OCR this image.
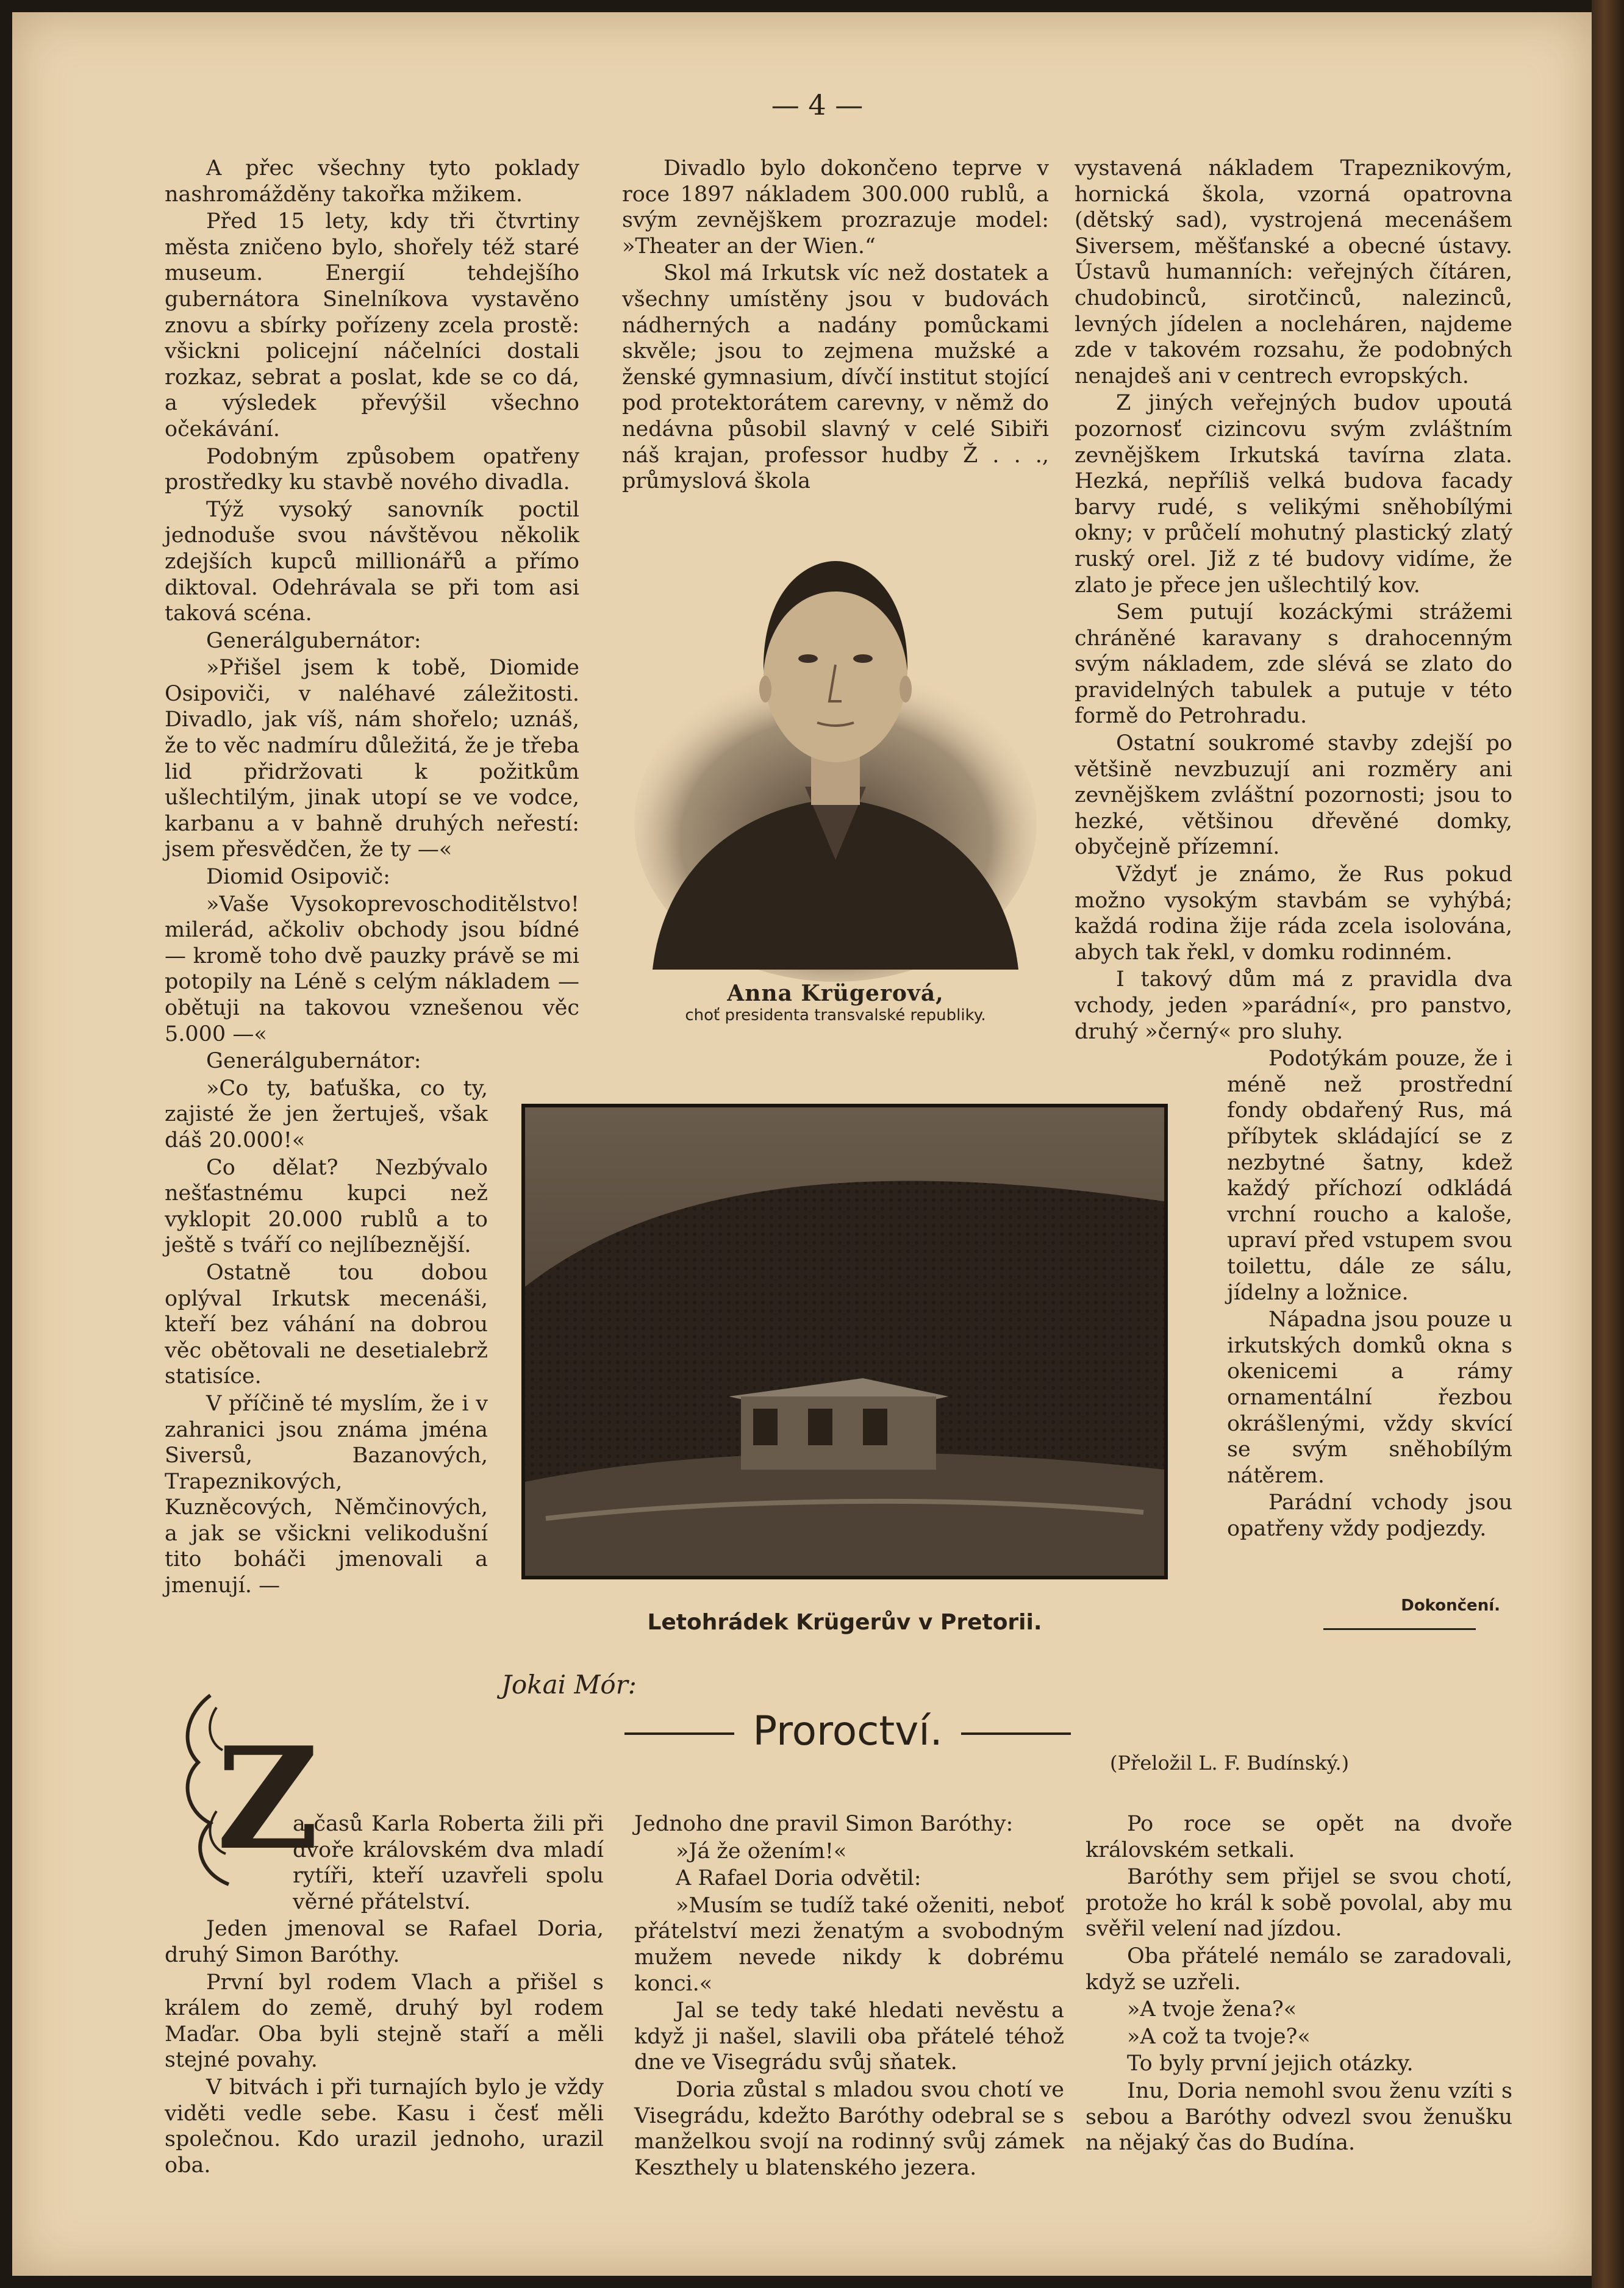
— 4 —

A přec všechny tyto poklady nashromážděny takořka mžikem.

Před 15 lety, kdy tři čtvrtiny města zničeno bylo, shořely též staré museum. Energií tehdejšího gubernátora Sinelníkova vystavěno znovu a sbírky pořízeny zcela prostě: všickni policejní náčelníci dostali rozkaz, sebrat a poslat, kde se co dá, a výsledek převýšil všechno očekávání.

Podobným způsobem opatřeny prostředky ku stavbě nového divadla.

Týž vysoký sanovník poctil jednoduše svou návštěvou několik zdejších kupců millionářů a přímo diktoval. Odehrávala se při tom asi taková scéna.

Generálgubernátor:

»Přišel jsem k tobě, Diomide Osipoviči, v naléhavé záležitosti. Divadlo, jak víš, nám shořelo; uznáš, že to věc nadmíru důležitá, že je třeba lid přidržovati k požitkům ušlechtilým, jinak utopí se ve vodce, karbanu a v bahně druhých neřestí: jsem přesvědčen, že ty —«

Diomid Osipovič:

»Vaše Vysokoprevoschoditělstvo! milerád, ačkoliv obchody jsou bídné — kromě toho dvě pauzky právě se mi potopily na Léně s celým nákladem — obětuji na takovou vznešenou věc 5.000 —«

Generálgubernátor:

»Co ty, baťuška, co ty, zajisté že jen žertuješ, však dáš 20.000!«

Co dělat? Nezbývalo nešťastnému kupci než vyklopit 20.000 rublů a to ještě s tváří co nejlíbeznější.

Ostatně tou dobou oplýval Irkutsk mecenáši, kteří bez váhání na dobrou věc obětovali ne desetialebrž statisíce.

V příčině té myslím, že i v zahranici jsou známa jména Siversů, Bazanových, Trapeznikových, Kuzněcových, Němčinových, a jak se všickni velikodušní tito boháči jmenovali a jmenují. —

Divadlo bylo dokončeno teprve v roce 1897 nákladem 300.000 rublů, a svým zevnějškem prozrazuje model: »Theater an der Wien.“

Skol má Irkutsk víc než dostatek a všechny umístěny jsou v budovách nádherných a nadány pomůckami skvěle; jsou to zejmena mužské a ženské gymnasium, dívčí institut stojící pod protektorátem carevny, v němž do nedávna působil slavný v celé Sibiři náš krajan, professor hudby Ž . . ., průmyslová škola

Anna Krügerová,
choť presidenta transvalské republiky.
Letohrádek Krügerův v Pretorii.

vystavená nákladem Trapeznikovým, hornická škola, vzorná opatrovna (dětský sad), vystrojená mecenášem Siversem, měšťanské a obecné ústavy. Ústavů humanních: veřejných čítáren, chudobinců, sirotčinců, nalezinců, levných jídelen a nocleháren, najdeme zde v takovém rozsahu, že podobných nenajdeš ani v centrech evropských.

Z jiných veřejných budov upoutá pozornosť cizincovu svým zvláštním zevnějškem Irkutská tavírna zlata. Hezká, nepříliš velká budova facady barvy rudé, s velikými sněhobílými okny; v průčelí mohutný plastický zlatý ruský orel. Již z té budovy vidíme, že zlato je přece jen ušlechtilý kov.

Sem putují kozáckými strážemi chráněné karavany s drahocenným svým nákladem, zde slévá se zlato do pravidelných tabulek a putuje v této formě do Petrohradu.

Ostatní soukromé stavby zdejší po většině nevzbuzují ani rozměry ani zevnějškem zvláštní pozornosti; jsou to hezké, většinou dřevěné domky, obyčejně přízemní.

Vždyť je známo, že Rus pokud možno vysokým stavbám se vyhýbá; každá rodina žije ráda zcela isolována, abych tak řekl, v domku rodinném.

I takový dům má z pravidla dva vchody, jeden »parádní«, pro panstvo, druhý »černý« pro sluhy.

Podotýkám pouze, že i méně než prostřední fondy obdařený Rus, má příbytek skládající se z nezbytné šatny, kdež každý příchozí odkládá vrchní roucho a kaloše, upraví před vstupem svou toilettu, dále ze sálu, jídelny a ložnice.

Nápadna jsou pouze u irkutských domků okna s okenicemi a rámy ornamentální řezbou okrášlenými, vždy skvící se svým sněhobílým nátěrem.

Parádní vchody jsou opatřeny vždy podjezdy.

Dokončení.
Jokai Mór:
Proroctví.
(Přeložil L. F. Budínský.)
Z

a časů Karla Roberta žili při dvoře královském dva mladí rytíři, kteří uzavřeli spolu věrné přátelství.

Jeden jmenoval se Rafael Doria, druhý Simon Baróthy.

První byl rodem Vlach a přišel s králem do země, druhý byl rodem Maďar. Oba byli stejně staří a měli stejné povahy.

V bitvách i při turnajích bylo je vždy viděti vedle sebe. Kasu i česť měli společnou. Kdo urazil jednoho, urazil oba.

Jednoho dne pravil Simon Baróthy:

»Já že ožením!«

A Rafael Doria odvětil:

»Musím se tudíž také oženiti, neboť přátelství mezi ženatým a svobodným mužem nevede nikdy k dobrému konci.«

Jal se tedy také hledati nevěstu a když ji našel, slavili oba přátelé téhož dne ve Visegrádu svůj sňatek.

Doria zůstal s mladou svou chotí ve Visegrádu, kdežto Baróthy odebral se s manželkou svojí na rodinný svůj zámek Keszthely u blatenského jezera.

Po roce se opět na dvoře královském setkali.

Baróthy sem přijel se svou chotí, protože ho král k sobě povolal, aby mu svěřil velení nad jízdou.

Oba přátelé nemálo se zaradovali, když se uzřeli.

»A tvoje žena?«

»A což ta tvoje?«

To byly první jejich otázky.

Inu, Doria nemohl svou ženu vzíti s sebou a Baróthy odvezl svou ženušku na nějaký čas do Budína.
